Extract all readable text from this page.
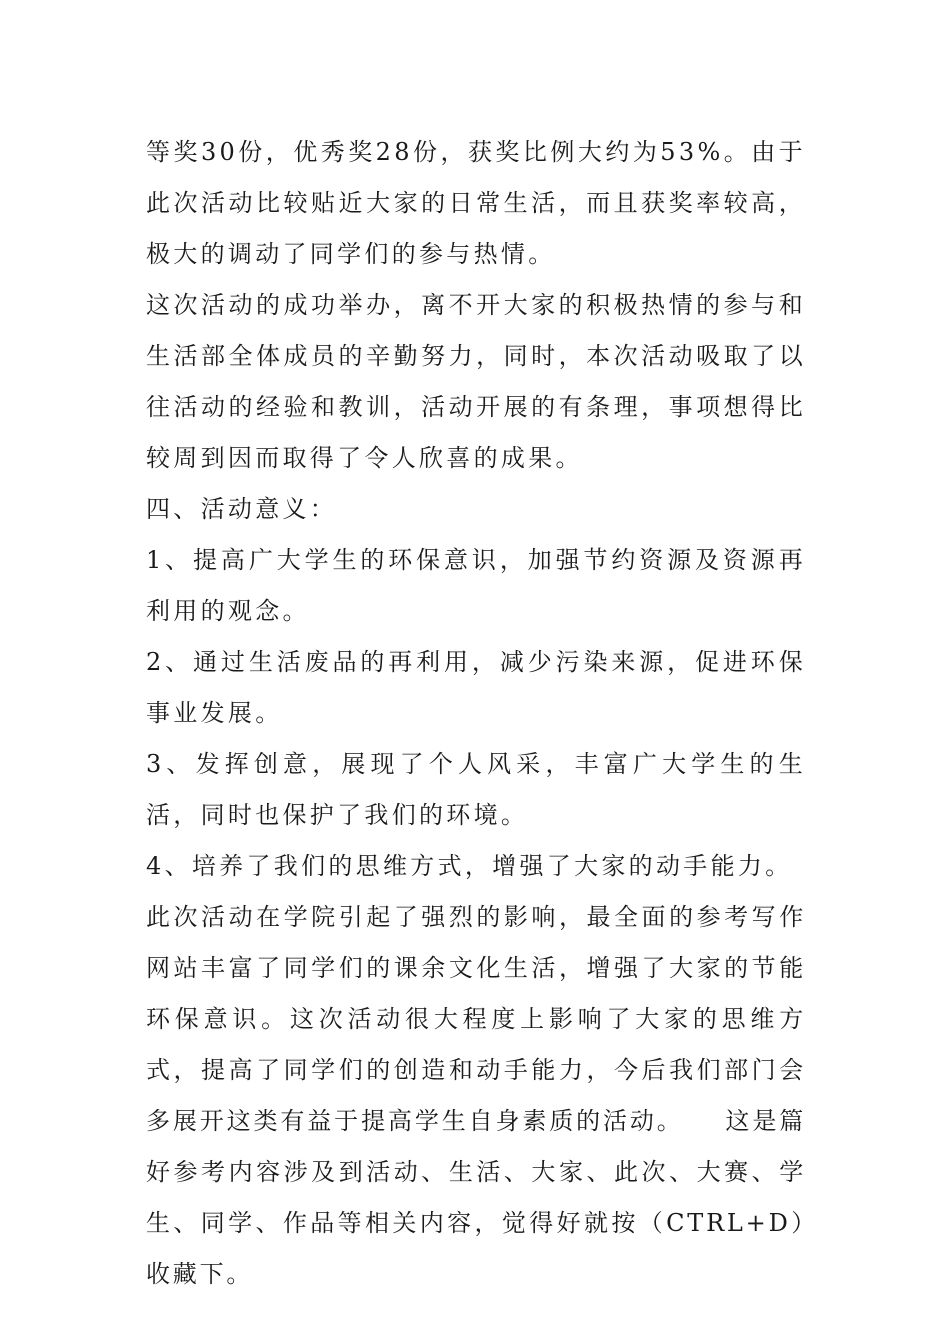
等奖30份，优秀奖28份，获奖比例大约为53%。由于此次活动比较贴近大家的日常生活，而且获奖率较高，极大的调动了同学们的参与热情。

这次活动的成功举办，离不开大家的积极热情的参与和生活部全体成员的辛勤努力，同时，本次活动吸取了以往活动的经验和教训，活动开展的有条理，事项想得比较周到因而取得了令人欣喜的成果。

四、活动意义：

1、提高广大学生的环保意识，加强节约资源及资源再利用的观念。

2、通过生活废品的再利用，减少污染来源，促进环保事业发展。

3、发挥创意，展现了个人风采，丰富广大学生的生活，同时也保护了我们的环境。

4、培养了我们的思维方式，增强了大家的动手能力。

此次活动在学院引起了强烈的影响，最全面的参考写作网站丰富了同学们的课余文化生活，增强了大家的节能环保意识。这次活动很大程度上影响了大家的思维方式，提高了同学们的创造和动手能力，今后我们部门会多展开这类有益于提高学生自身素质的活动。　　这是篇好参考内容涉及到活动、生活、大家、此次、大赛、学生、同学、作品等相关内容，觉得好就按（CTRL+D）收藏下。
